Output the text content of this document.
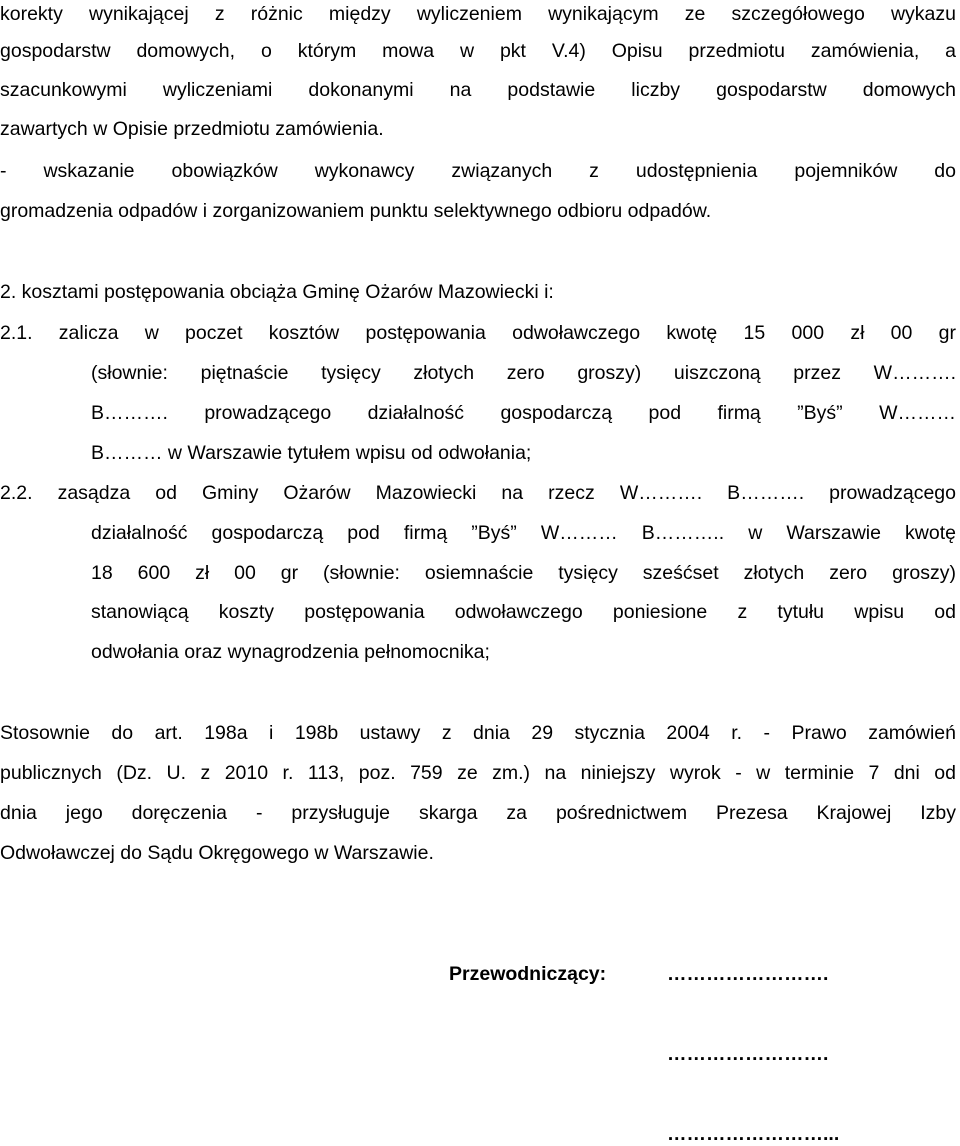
korekty wynikającej z różnic między wyliczeniem wynikającym ze szczegółowego wykazu
gospodarstw domowych, o którym mowa w pkt V.4) Opisu przedmiotu zamówienia, a
szacunkowymi wyliczeniami dokonanymi na podstawie liczby gospodarstw domowych
zawartych w Opisie przedmiotu zamówienia.
- wskazanie obowiązków wykonawcy związanych z udostępnienia pojemników do
gromadzenia odpadów i zorganizowaniem punktu selektywnego odbioru odpadów.
2. kosztami postępowania obciąża Gminę Ożarów Mazowiecki i:
2.1. zalicza w poczet kosztów postępowania odwoławczego kwotę 15 000 zł 00 gr
(słownie: piętnaście tysięcy złotych zero groszy) uiszczoną przez W……….
B………. prowadzącego działalność gospodarczą pod firmą ”Byś” W………
B……… w Warszawie tytułem wpisu od odwołania;
2.2. zasądza od Gminy Ożarów Mazowiecki na rzecz W………. B………. prowadzącego
działalność gospodarczą pod firmą ”Byś” W……… B……….. w Warszawie kwotę
18 600 zł 00 gr (słownie: osiemnaście tysięcy sześćset złotych zero groszy)
stanowiącą koszty postępowania odwoławczego poniesione z tytułu wpisu od
odwołania oraz wynagrodzenia pełnomocnika;
Stosownie do art. 198a i 198b ustawy z dnia 29 stycznia 2004 r. - Prawo zamówień
publicznych (Dz. U. z 2010 r. 113, poz. 759 ze zm.) na niniejszy wyrok - w terminie 7 dni od
dnia jego doręczenia - przysługuje skarga za pośrednictwem Prezesa Krajowej Izby
Odwoławczej do Sądu Okręgowego w Warszawie.
Przewodniczący:	…………………….
…………………….
……………………...
